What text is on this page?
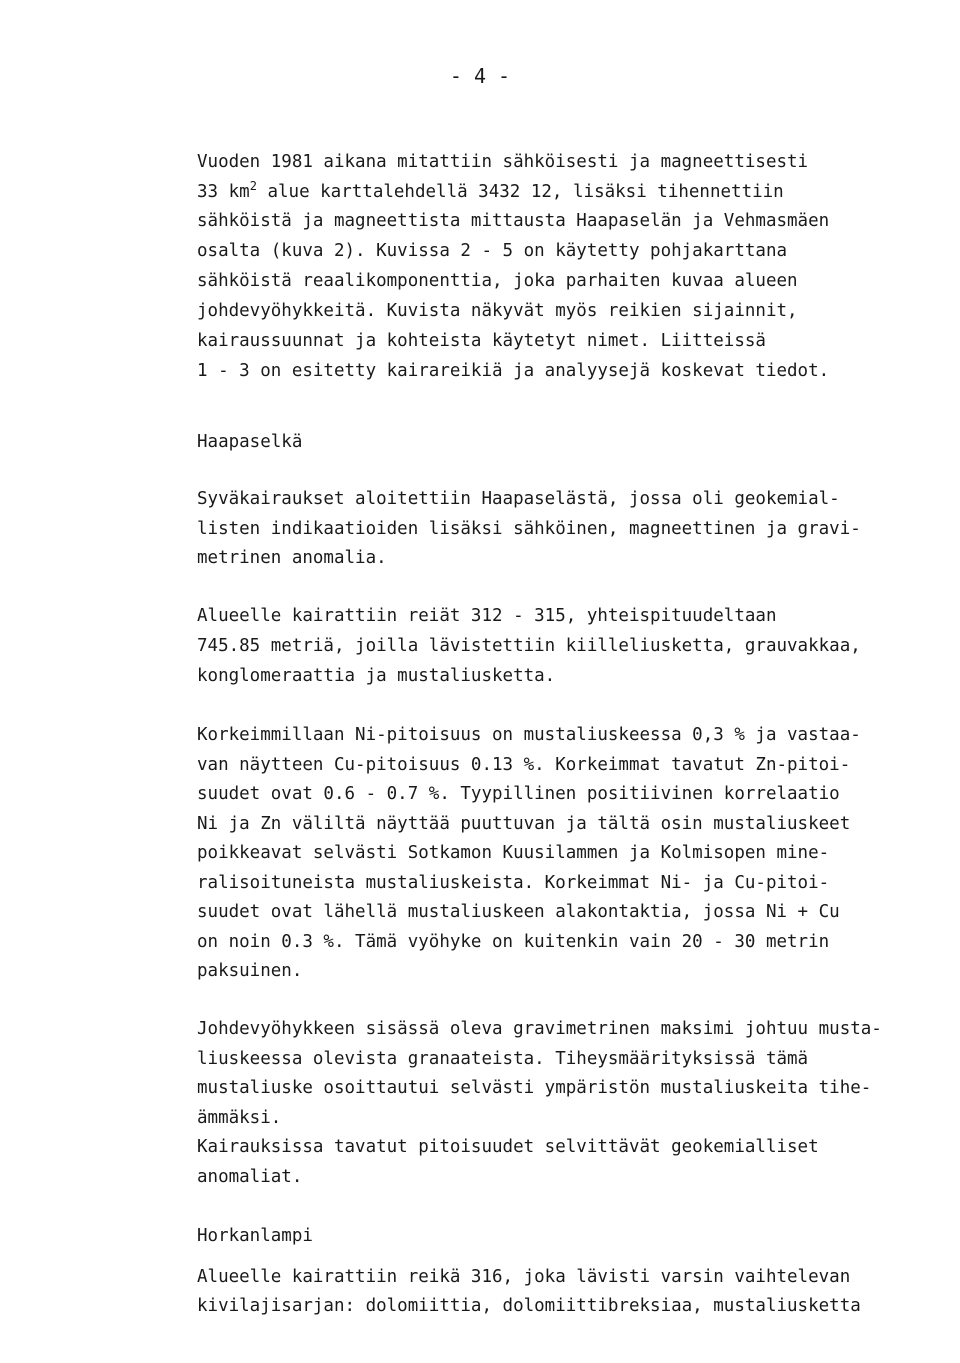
- 4 -
Vuoden 1981 aikana mitattiin sähköisesti ja magneettisesti
33 $km^2$ alue karttalehdellä 3432 12, lisäksi tihennettiin
sähköistä ja magneettista mittausta Haapaselän ja Vehmasmäen
osalta (kuva 2). Kuvissa 2 - 5 on käytetty pohjakarttana
sähköistä reaalikomponenttia, joka parhaiten kuvaa alueen
johdevyöhykkeitä. Kuvista näkyvät myös reikien sijainnit,
kairaussuunnat ja kohteista käytetyt nimet. Liitteissä
1 - 3 on esitetty kairareikiä ja analyysejä koskevat tiedot.
Haapaselkä
Syväkairaukset aloitettiin Haapaselästä, jossa oli geokemial-
listen indikaatioiden lisäksi sähköinen, magneettinen ja gravi-
metrinen anomalia.
Alueelle kairattiin reiät 312 - 315, yhteispituudeltaan
745.85 metriä, joilla lävistettiin kiilleliusketta, grauvakkaa,
konglomeraattia ja mustaliusketta.
Korkeimmillaan Ni-pitoisuus on mustaliuskeessa 0,3 % ja vastaa-
van näytteen Cu-pitoisuus 0.13 %. Korkeimmat tavatut Zn-pitoi-
suudet ovat 0.6 - 0.7 %. Tyypillinen positiivinen korrelaatio
Ni ja Zn väliltä näyttää puuttuvan ja tältä osin mustaliuskeet
poikkeavat selvästi Sotkamon Kuusilammen ja Kolmisopen mine-
ralisoituneista mustaliuskeista. Korkeimmat Ni- ja Cu-pitoi-
suudet ovat lähellä mustaliuskeen alakontaktia, jossa Ni + Cu
on noin 0.3 %. Tämä vyöhyke on kuitenkin vain 20 - 30 metrin
paksuinen.
Johdevyöhykkeen sisässä oleva gravimetrinen maksimi johtuu musta-
liuskeessa olevista granaateista. Tiheysmäärityksissä tämä
mustaliuske osoittautui selvästi ympäristön mustaliuskeita tihe-
ämmäksi.
Kairauksissa tavatut pitoisuudet selvittävät geokemialliset
anomaliat.
Horkanlampi
Alueelle kairattiin reikä 316, joka lävisti varsin vaihtelevan
kivilajisarjan: dolomiittia, dolomiittibreksiaa, mustaliusketta
